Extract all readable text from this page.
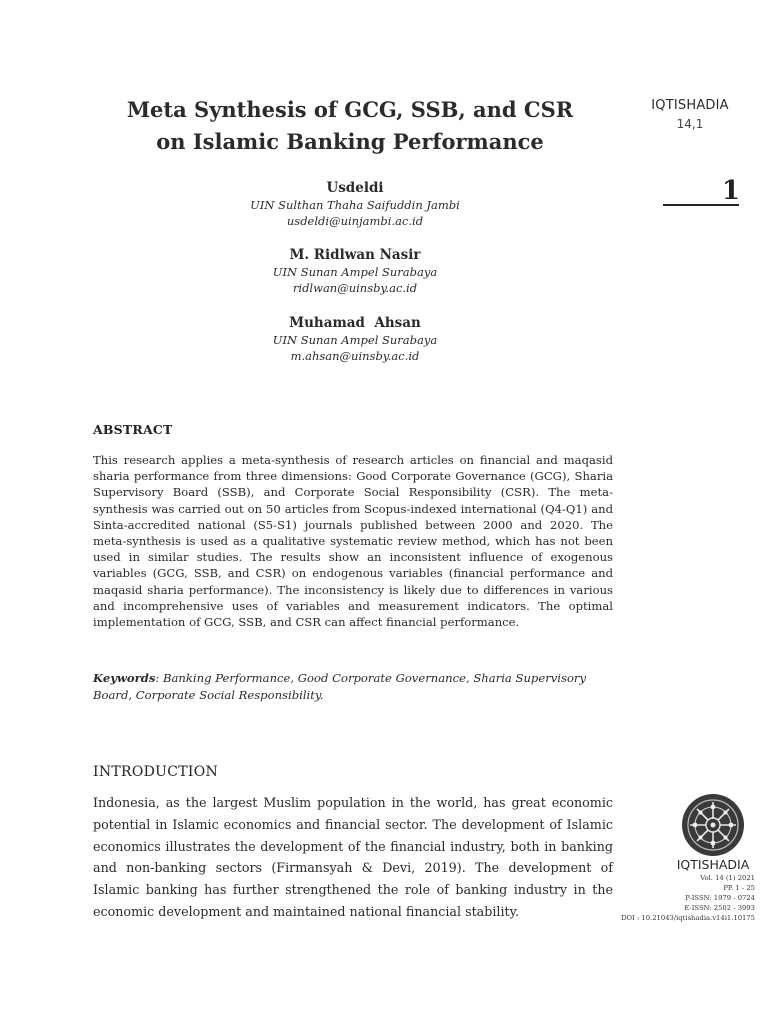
Meta Synthesis of GCG, SSB, and CSR
on Islamic Banking Performance
IQTISHADIA
14,1
1
Usdeldi
UIN Sulthan Thaha Saifuddin Jambi
usdeldi@uinjambi.ac.id
M. Ridlwan Nasir
UIN Sunan Ampel Surabaya
ridlwan@uinsby.ac.id
Muhamad  Ahsan
UIN Sunan Ampel Surabaya
m.ahsan@uinsby.ac.id
ABSTRACT

This research applies a meta-synthesis of research articles on financial and maqasid sharia performance from three dimensions: Good Corporate Governance (GCG), Sharia Supervisory Board (SSB), and Corporate Social Responsibility (CSR). The meta-synthesis was carried out on 50 articles from Scopus-indexed international (Q4-Q1) and Sinta-accredited national (S5-S1) journals published between 2000 and 2020. The meta-synthesis is used as a qualitative systematic review method, which has not been used in similar studies. The results show an inconsistent influence of exogenous variables (GCG, SSB, and CSR) on endogenous variables (financial performance and maqasid sharia performance). The inconsistency is likely due to differences in various and incomprehensive uses of variables and measurement indicators. The optimal implementation of GCG, SSB, and CSR can affect financial performance.

Keywords: Banking Performance, Good Corporate Governance, Sharia Supervisory Board, Corporate Social Responsibility.

INTRODUCTION

Indonesia, as the largest Muslim population in the world, has great economic potential in Islamic economics and financial sector. The development of Islamic economics illustrates the development of the financial industry, both in banking and non-banking sectors (Firmansyah & Devi, 2019). The development of Islamic banking has further strengthened the role of banking industry in the economic development and maintained national financial stability.

IQTISHADIA
Vol. 14 (1) 2021
PP. 1 - 25
P-ISSN: 1979 - 0724
E-ISSN: 2502 - 3993
DOI : 10.21043/iqtishadia.v14i1.10175
